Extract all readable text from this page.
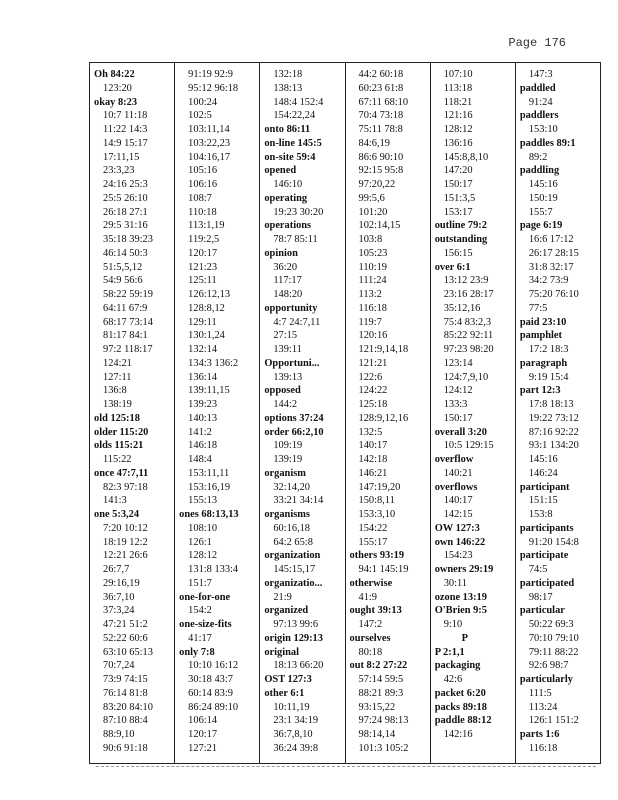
Page 176
Oh 84:22
123:20
okay 8:23
10:7 11:18
11:22 14:3
14:9 15:17
17:11,15
23:3,23
24:16 25:3
25:5 26:10
26:18 27:1
29:5 31:16
35:18 39:23
46:14 50:3
51:5,5,12
54:9 56:6
58:22 59:19
64:11 67:9
68:17 73:14
81:17 84:1
97:2 118:17
124:21
127:11
136:8
138:19
old 125:18
older 115:20
olds 115:21
115:22
once 47:7,11
82:3 97:18
141:3
one 5:3,24
7:20 10:12
18:19 12:2
12:21 26:6
26:7,7
29:16,19
36:7,10
37:3,24
47:21 51:2
52:22 60:6
63:10 65:13
70:7,24
73:9 74:15
76:14 81:8
83:20 84:10
87:10 88:4
88:9,10
90:6 91:18
91:19 92:9
95:12 96:18
100:24
102:5
103:11,14
103:22,23
104:16,17
105:16
106:16
108:7
110:18
113:1,19
119:2,5
120:17
121:23
125:11
126:12,13
128:8,12
129:11
130:1,24
132:14
134:3 136:2
136:14
139:11,15
139:23
140:13
141:2
146:18
148:4
153:11,11
153:16,19
155:13
ones 68:13,13
108:10
126:1
128:12
131:8 133:4
151:7
one-for-one
154:2
one-size-fits
41:17
only 7:8
10:10 16:12
30:18 43:7
60:14 83:9
86:24 89:10
106:14
120:17
127:21
132:18
138:13
148:4 152:4
154:22,24
onto 86:11
on-line 145:5
on-site 59:4
opened
146:10
operating
19:23 30:20
operations
78:7 85:11
opinion
36:20
117:17
148:20
opportunity
4:7 24:7,11
27:15
139:11
Opportuni...
139:13
opposed
144:2
options 37:24
order 66:2,10
109:19
139:19
organism
32:14,20
33:21 34:14
organisms
60:16,18
64:2 65:8
organization
145:15,17
organizatio...
21:9
organized
97:13 99:6
origin 129:13
original
18:13 66:20
OST 127:3
other 6:1
10:11,19
23:1 34:19
36:7,8,10
36:24 39:8
44:2 60:18
60:23 61:8
67:11 68:10
70:4 73:18
75:11 78:8
84:6,19
86:6 90:10
92:15 95:8
97:20,22
99:5,6
101:20
102:14,15
103:8
105:23
110:19
111:24
113:2
116:18
119:7
120:16
121:9,14,18
121:21
122:6
124:22
125:18
128:9,12,16
132:5
140:17
142:18
146:21
147:19,20
150:8,11
153:3,10
154:22
155:17
others 93:19
94:1 145:19
otherwise
41:9
ought 39:13
147:2
ourselves
80:18
out 8:2 27:22
57:14 59:5
88:21 89:3
93:15,22
97:24 98:13
98:14,14
101:3 105:2
107:10
113:18
118:21
121:16
128:12
136:16
145:8,8,10
147:20
150:17
151:3,5
153:17
outline 79:2
outstanding
156:15
over 6:1
13:12 23:9
23:16 28:17
35:12,16
75:4 83:2,3
85:22 92:11
97:23 98:20
123:14
124:7,9,10
124:12
133:3
150:17
overall 3:20
10:5 129:15
overflow
140:21
overflows
140:17
142:15
OW 127:3
own 146:22
154:23
owners 29:19
30:11
ozone 13:19
O'Brien 9:5
9:10
P
P 2:1,1
packaging
42:6
packet 6:20
packs 89:18
paddle 88:12
142:16
147:3
paddled
91:24
paddlers
153:10
paddles 89:1
89:2
paddling
145:16
150:19
155:7
page 6:19
16:6 17:12
26:17 28:15
31:8 32:17
34:2 73:9
75:20 76:10
77:5
paid 23:10
pamphlet
17:2 18:3
paragraph
9:19 15:4
part 12:3
17:8 18:13
19:22 73:12
87:16 92:22
93:1 134:20
145:16
146:24
participant
151:15
153:8
participants
91:20 154:8
participate
74:5
participated
98:17
particular
50:22 69:3
70:10 79:10
79:11 88:22
92:6 98:7
particularly
111:5
113:24
126:1 151:2
parts 1:6
116:18
